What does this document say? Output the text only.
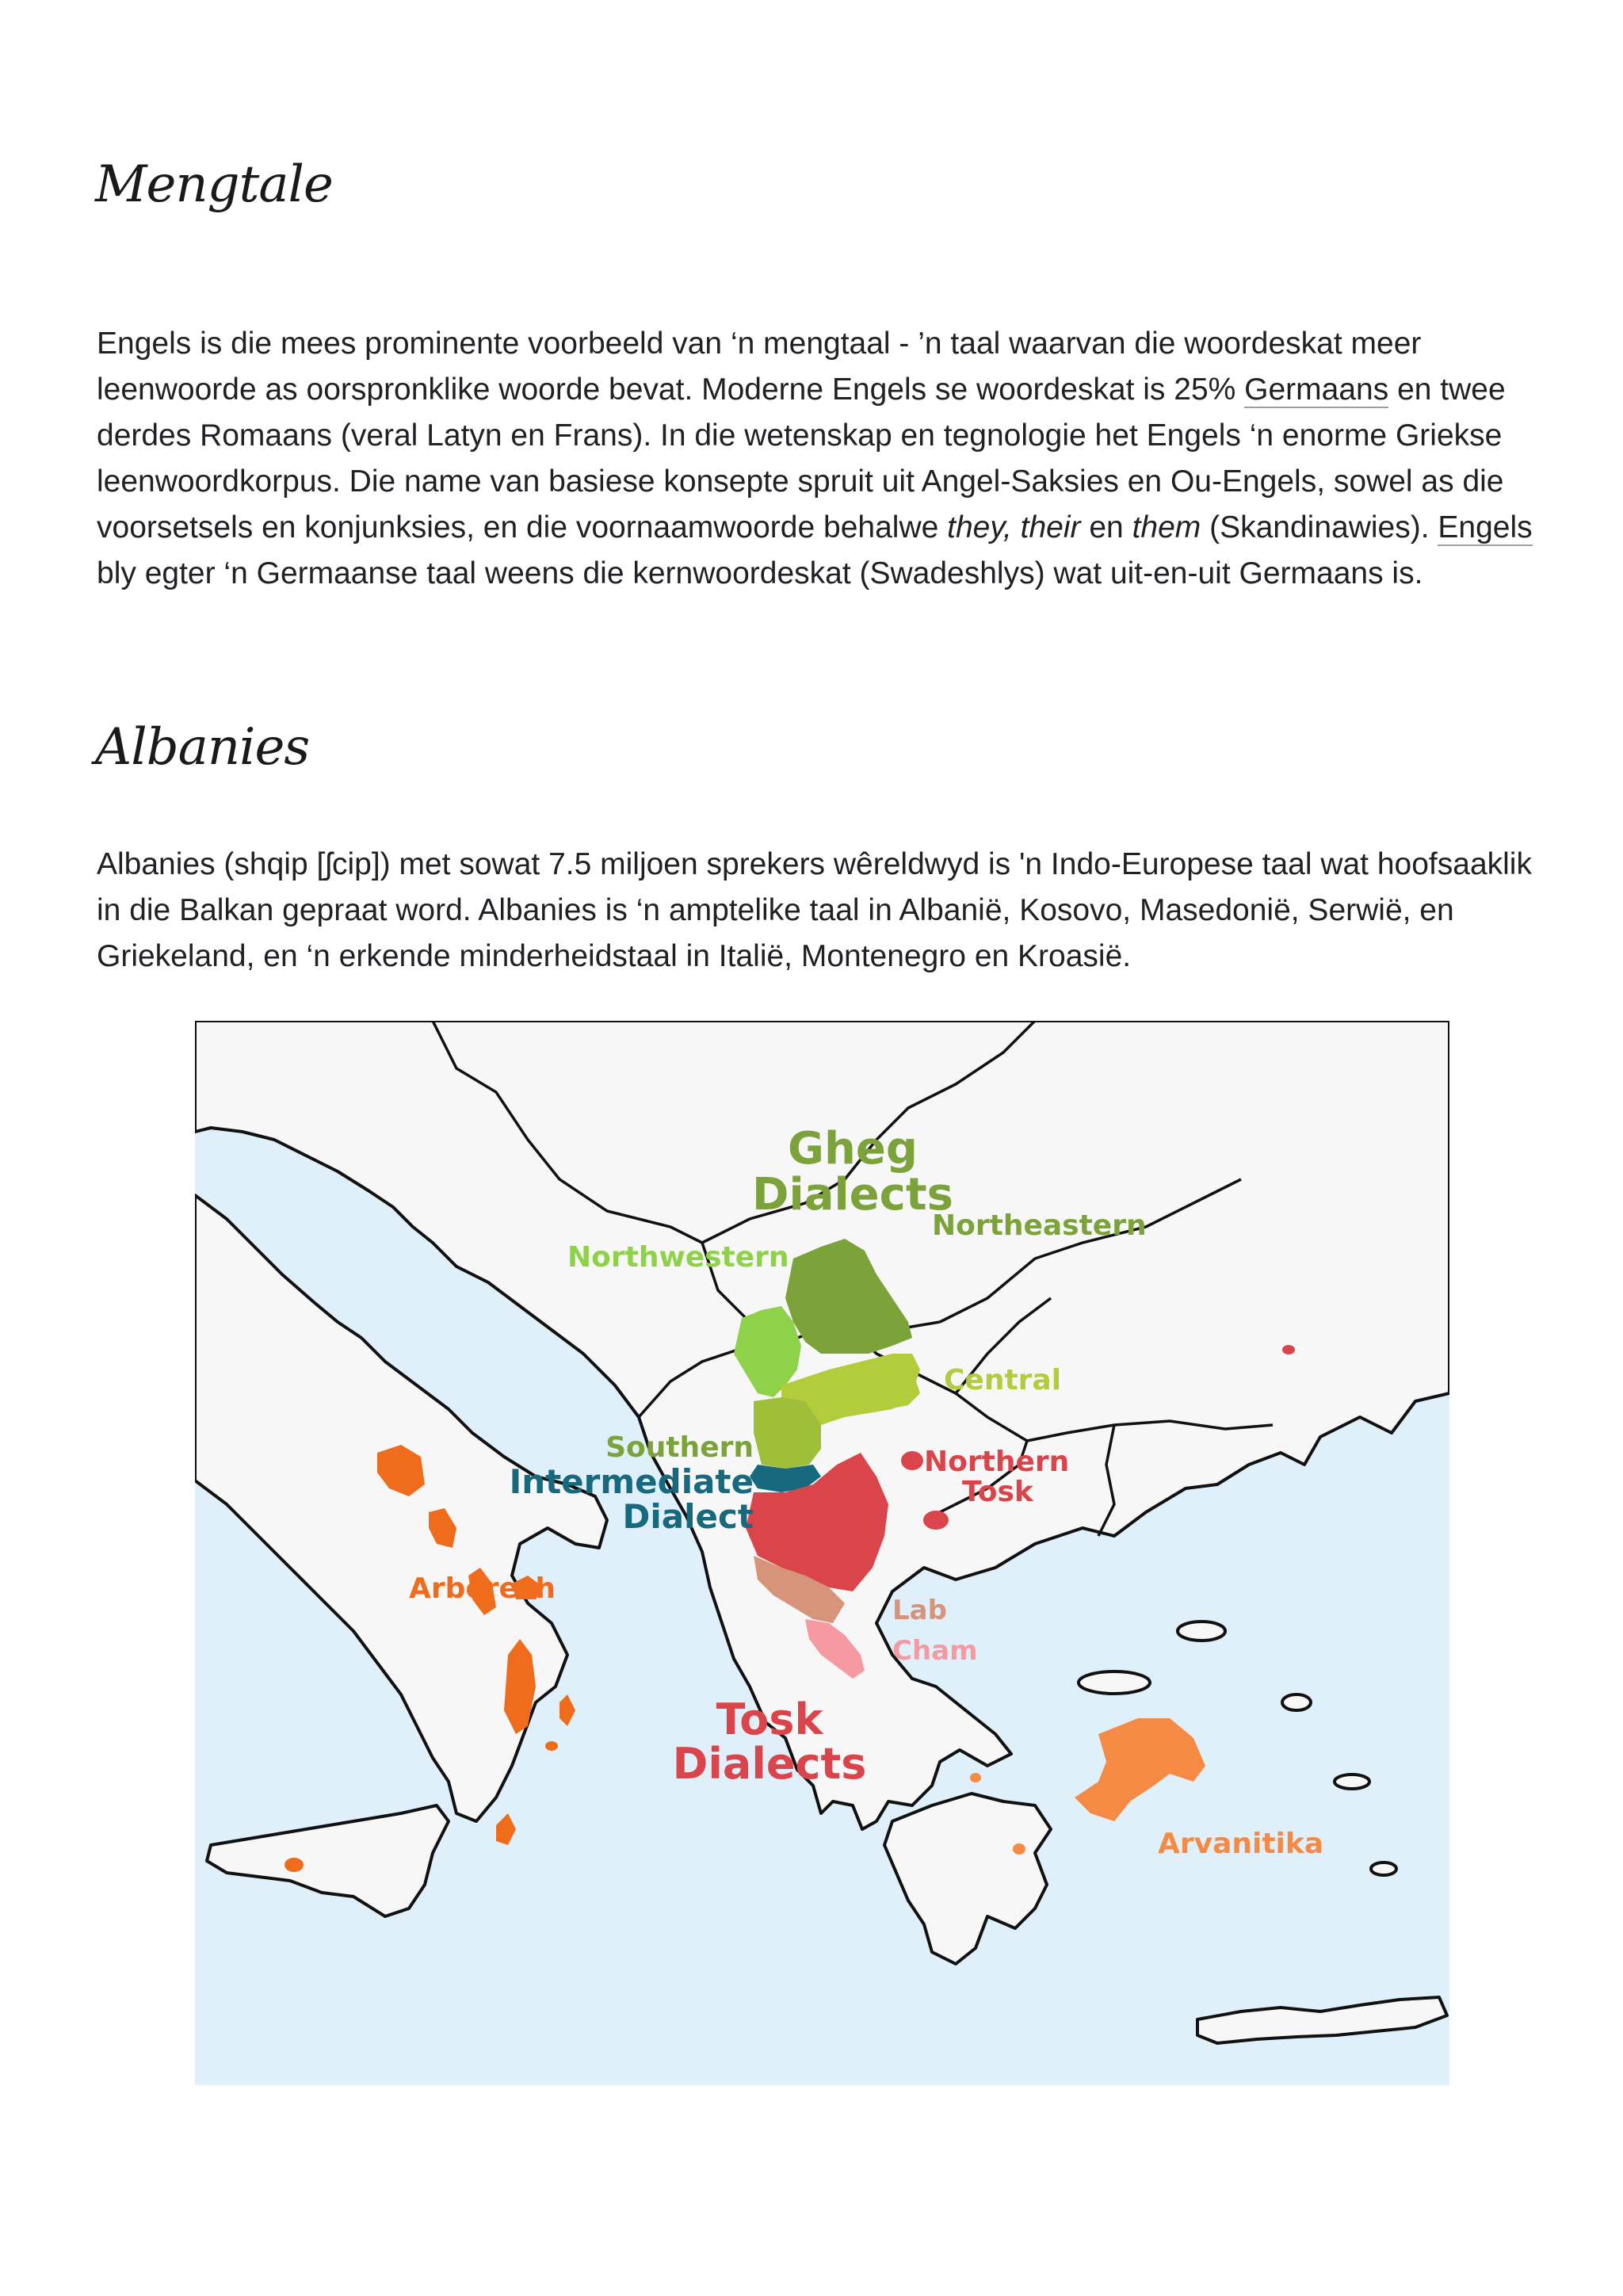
Mengtale

Engels is die mees prominente voorbeeld van ‘n mengtaal - ’n taal waarvan die woordeskat meer leenwoorde as oorspronklike woorde bevat. Moderne Engels se woordeskat is 25% Germaans en twee derdes Romaans (veral Latyn en Frans). In die wetenskap en tegnologie het Engels ‘n enorme Griekse leenwoordkorpus. Die name van basiese konsepte spruit uit Angel-Saksies en Ou-Engels, sowel as die voorsetsels en konjunksies, en die voornaamwoorde behalwe they, their en them (Skandinawies). Engels bly egter ‘n Germaanse taal weens die kernwoordeskat (Swadeshlys) wat uit-en-uit Germaans is.

Albanies

Albanies (shqip [ʃcip]) met sowat 7.5 miljoen sprekers wêreldwyd is 'n Indo-Europese taal wat hoofsaaklik in die Balkan gepraat word. Albanies is ‘n amptelike taal in Albanië, Kosovo, Masedonië, Serwië, en Griekeland, en ‘n erkende minderheidstaal in Italië, Montenegro en Kroasië.

Gheg
Dialects
Northeastern
Northwestern
Central
Southern
Intermediate
Dialect
Northern
Tosk
Arbëresh
Lab
Cham
Tosk
Dialects
Arvanitika
